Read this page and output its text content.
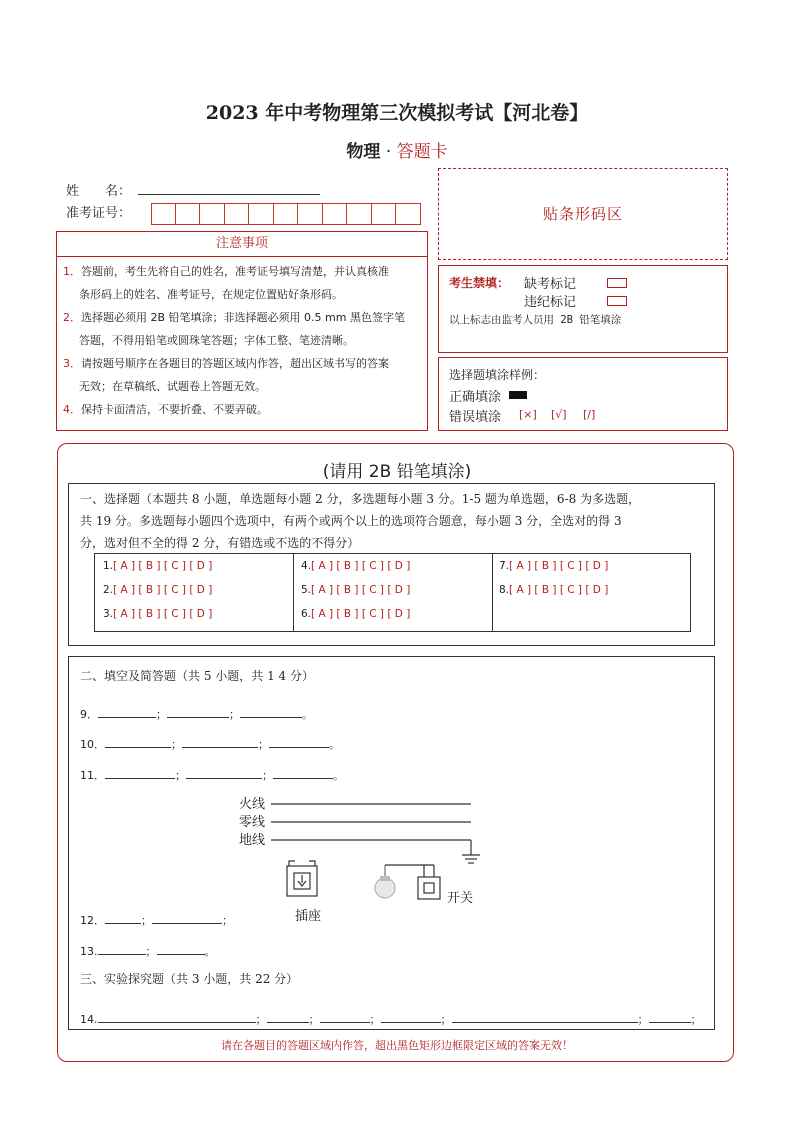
2023 年中考物理第三次模拟考试【河北卷】
物理 · 答题卡
姓　　名：
准考证号：	贴条形码区
注意事项
1．答题前，考生先将自己的姓名，准考证号填写清楚，并认真核准
条形码上的姓名、准考证号，在规定位置贴好条形码。
2．选择题必须用 2B 铅笔填涂；非选择题必须用 0.5 mm 黑色签字笔
答题，不得用铅笔或圆珠笔答题；字体工整、笔迹清晰。
3．请按题号顺序在各题目的答题区域内作答，超出区域书写的答案
无效；在草稿纸、试题卷上答题无效。
4．保持卡面清洁，不要折叠、不要弄破。
考生禁填： 缺考标记
违纪标记
以上标志由监考人员用 2B 铅笔填涂
选择题填涂样例：
正确填涂
错误填涂 [×] [√] [/]
(请用 2B 铅笔填涂)
一、选择题（本题共 8 小题，单选题每小题 2 分，多选题每小题 3 分。1-5 题为单选题，6-8 为多选题，
共 19 分。多选题每小题四个选项中，有两个或两个以上的选项符合题意，每小题 3 分，全选对的得 3
分，选对但不全的得 2 分，有错选或不选的不得分）
1.[ A ] [ B ] [ C ] [ D ]
2.[ A ] [ B ] [ C ] [ D ]
3.[ A ] [ B ] [ C ] [ D ]
4.[ A ] [ B ] [ C ] [ D ]
5.[ A ] [ B ] [ C ] [ D ]
6.[ A ] [ B ] [ C ] [ D ]
7.[ A ] [ B ] [ C ] [ D ]
8.[ A ] [ B ] [ C ] [ D ]
二、填空及简答题（共 5 小题，共 1 4 分）
9．	；	；	。
10．	；	；	。
11．	；	；	。
火线
零线
地线
插座
开关
12．	；	；
13.	；	。
三、实验探究题（共 3 小题，共 22 分）
14.	；	；	；	；	；	；
请在各题目的答题区域内作答，超出黑色矩形边框限定区域的答案无效！
